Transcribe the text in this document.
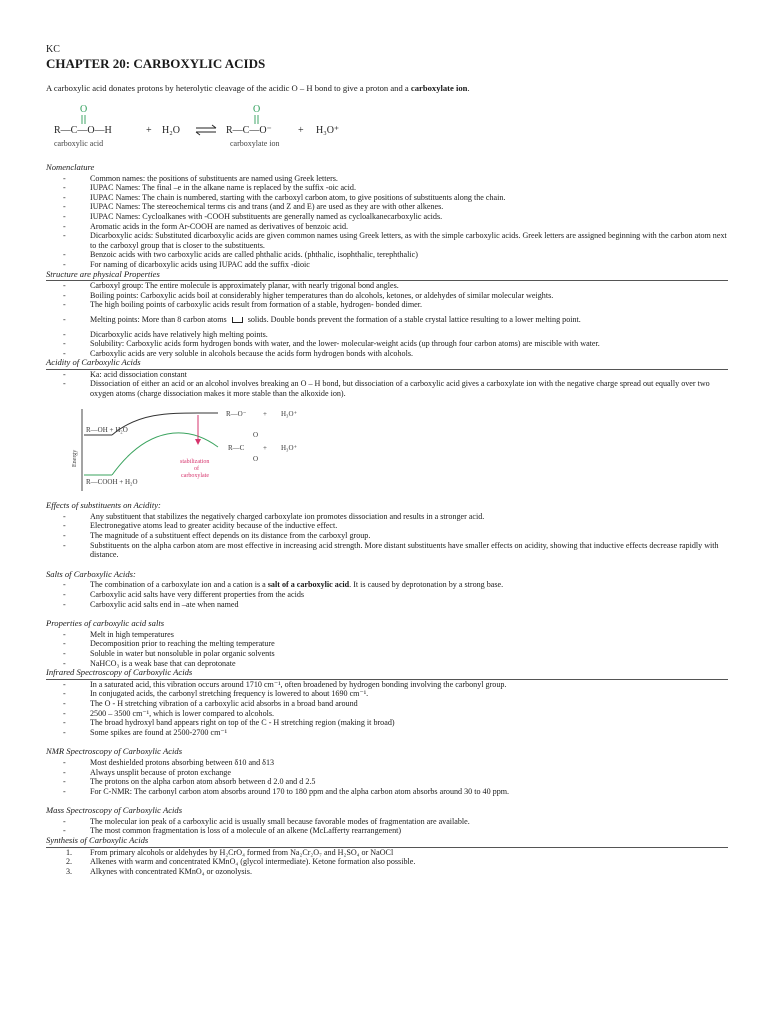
KC
CHAPTER 20: CARBOXYLIC ACIDS
A carboxylic acid donates protons by heterolytic cleavage of the acidic O – H bond to give a proton and a carboxylate ion.
O
R—C—O—H
carboxylic acid
+ H₂O
O
R—C—O⁻
carboxylate ion
+ H₃O⁺
Nomenclature
-	Common names: the positions of substituents are named using Greek letters.
-	IUPAC Names: The final –e in the alkane name is replaced by the suffix -oic acid.
-	IUPAC Names: The chain is numbered, starting with the carboxyl carbon atom, to give positions of substituents along the chain.
-	IUPAC Names: The stereochemical terms cis and trans (and Z and E) are used as they are with other alkenes.
-	IUPAC Names: Cycloalkanes with -COOH substituents are generally named as cycloalkanecarboxylic acids.
-	Aromatic acids in the form Ar-COOH are named as derivatives of benzoic acid.
-	Dicarboxylic acids: Substituted dicarboxylic acids are given common names using Greek letters, as with the simple carboxylic acids. Greek letters are assigned beginning with the carbon atom next to the carboxyl group that is closer to the substituents.
-	Benzoic acids with two carboxylic acids are called phthalic acids. (phthalic, isophthalic, terephthalic)
-	For naming of dicarboxylic acids using IUPAC add the suffix -dioic
Structure are physical Properties
-	Carboxyl group: The entire molecule is approximately planar, with nearly trigonal bond angles.
-	Boiling points: Carboxylic acids boil at considerably higher temperatures than do alcohols, ketones, or aldehydes of similar molecular weights.
-	The high boiling points of carboxylic acids result from formation of a stable, hydrogen- bonded dimer.
-	Melting points: More than 8 carbon atoms	solids. Double bonds prevent the formation of a stable crystal lattice resulting to a lower melting point.
-	Dicarboxylic acids have relatively high melting points.
-	Solubility: Carboxylic acids form hydrogen bonds with water, and the lower- molecular-weight acids (up through four carbon atoms) are miscible with water.
-	Carboxylic acids are very soluble in alcohols because the acids form hydrogen bonds with alcohols.
Acidity of Carboxylic Acids
-	Ka: acid dissociation constant
-	Dissociation of either an acid or an alcohol involves breaking an O – H bond, but dissociation of a carboxylic acid gives a carboxylate ion with the negative charge spread out equally over two oxygen atoms (charge dissociation makes it more stable than the alkoxide ion).
Energy
R—OH + H₂O
R—COOH + H₂O
R—O⁻ + H₃O⁺
O
R—C
O
+ H₃O⁺
stabilization
of
carboxylate
Effects of substituents on Acidity:
-	Any substituent that stabilizes the negatively charged carboxylate ion promotes dissociation and results in a stronger acid.
-	Electronegative atoms lead to greater acidity because of the inductive effect.
-	The magnitude of a substituent effect depends on its distance from the carboxyl group.
-	Substituents on the alpha carbon atom are most effective in increasing acid strength. More distant substituents have smaller effects on acidity, showing that inductive effects decrease rapidly with distance.
Salts of Carboxylic Acids:
-	The combination of a carboxylate ion and a cation is a salt of a carboxylic acid. It is caused by deprotonation by a strong base.
-	Carboxylic acid salts have very different properties from the acids
-	Carboxylic acid salts end in –ate when named
Properties of carboxylic acid salts
-	Melt in high temperatures
-	Decomposition prior to reaching the melting temperature
-	Soluble in water but nonsoluble in polar organic solvents
-	NaHCO₃ is a weak base that can deprotonate
Infrared Spectroscopy of Carboxylic Acids
-	In a saturated acid, this vibration occurs around 1710 cm⁻¹, often broadened by hydrogen bonding involving the carbonyl group.
-	In conjugated acids, the carbonyl stretching frequency is lowered to about 1690 cm⁻¹.
-	The O - H stretching vibration of a carboxylic acid absorbs in a broad band around
-	2500 – 3500 cm⁻¹, which is lower compared to alcohols.
-	The broad hydroxyl band appears right on top of the C - H stretching region (making it broad)
-	Some spikes are found at 2500-2700 cm⁻¹
NMR Spectroscopy of Carboxylic Acids
-	Most deshielded protons absorbing between δ10 and δ13
-	Always unsplit because of proton exchange
-	The protons on the alpha carbon atom absorb between d 2.0 and d 2.5
-	For C-NMR: The carbonyl carbon atom absorbs around 170 to 180 ppm and the alpha carbon atom absorbs around 30 to 40 ppm.
Mass Spectroscopy of Carboxylic Acids
-	The molecular ion peak of a carboxylic acid is usually small because favorable modes of fragmentation are available.
-	The most common fragmentation is loss of a molecule of an alkene (McLafferty rearrangement)
Synthesis of Carboxylic Acids
1. From primary alcohols or aldehydes by H₂CrO₄ formed from Na₂Cr₂O₇ and H₂SO₄ or NaOCl
2. Alkenes with warm and concentrated KMnO₄ (glycol intermediate). Ketone formation also possible.
3. Alkynes with concentrated KMnO₄ or ozonolysis.
